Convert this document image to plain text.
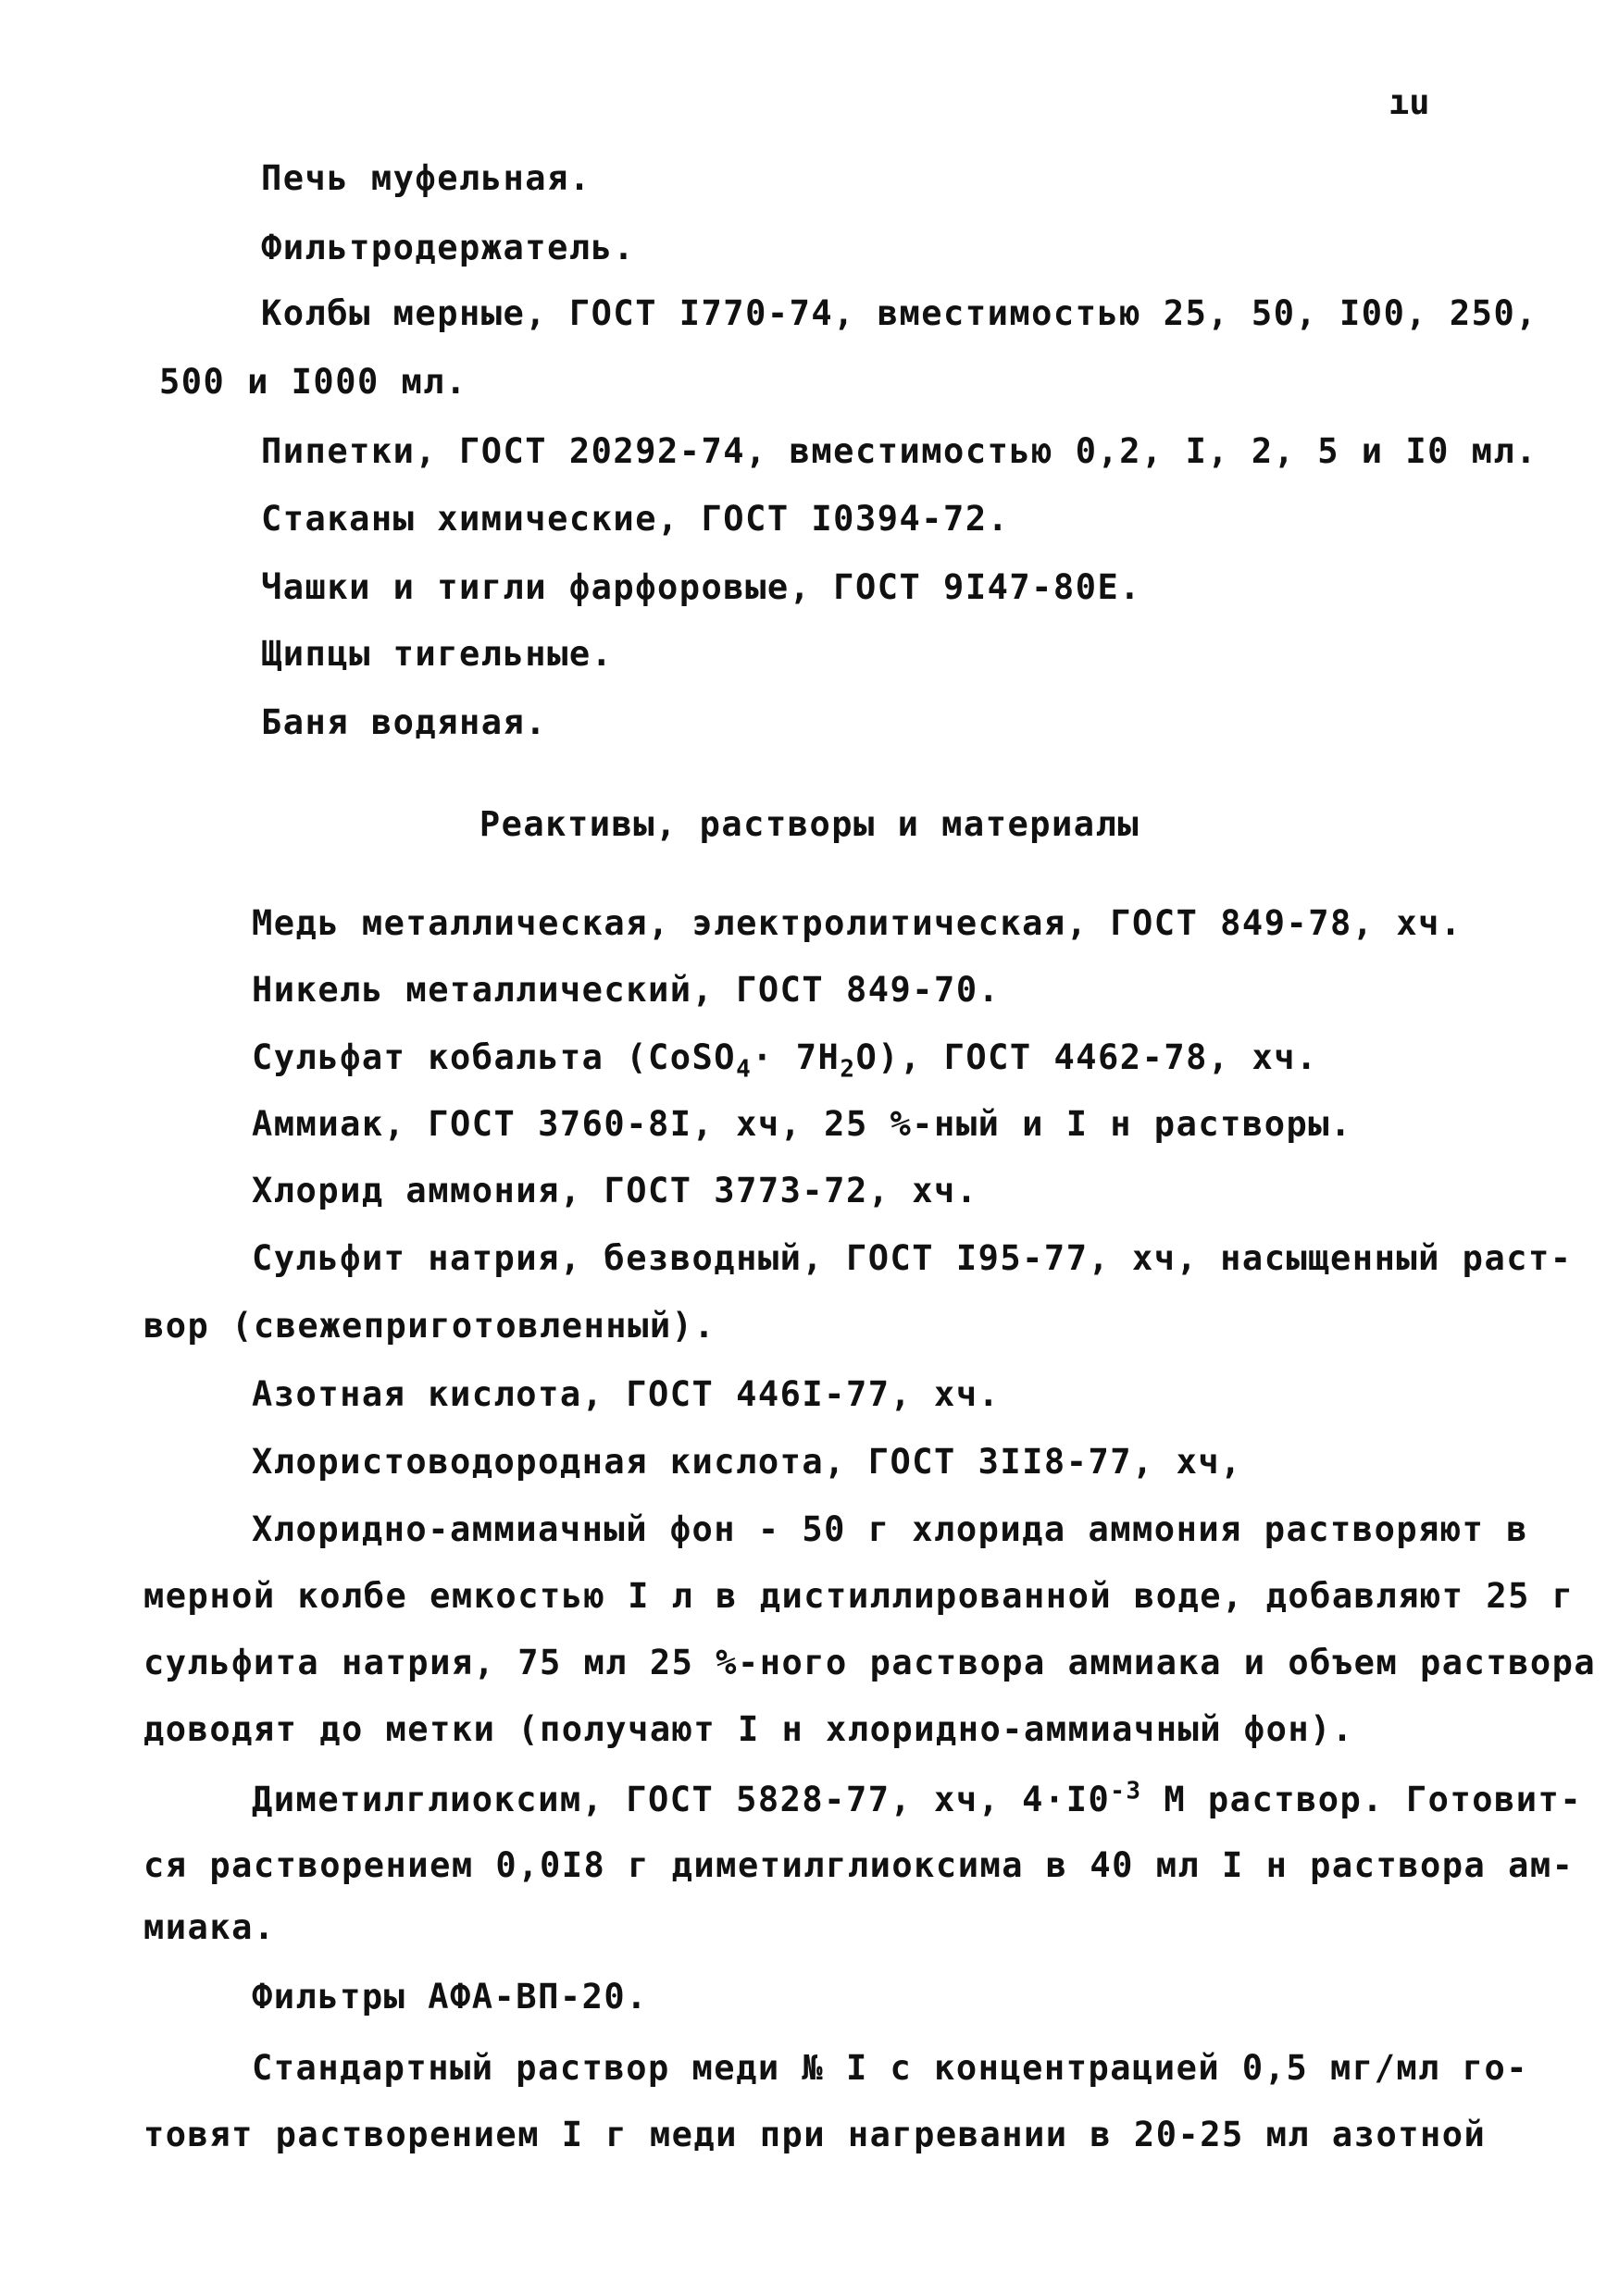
ıu
Печь муфельная.
Фильтродержатель.
Колбы мерные, ГОСТ I770-74, вместимостью 25, 50, I00, 250,
500 и I000 мл.
Пипетки, ГОСТ 20292-74, вместимостью 0,2, I, 2, 5 и I0 мл.
Стаканы химические, ГОСТ I0394-72.
Чашки и тигли фарфоровые, ГОСТ 9I47-80Е.
Щипцы тигельные.
Баня водяная.
Реактивы, растворы и материалы
Медь металлическая, электролитическая, ГОСТ 849-78, хч.
Никель металлический, ГОСТ 849-70.
Сульфат кобальта (CoSO$_4$· $7H_2O$), ГОСТ 4462-78, хч.
Аммиак, ГОСТ 3760-8I, хч, 25 %-ный и I н растворы.
Хлорид аммония, ГОСТ 3773-72, хч.
Сульфит натрия, безводный, ГОСТ I95-77, хч, насыщенный раст-
вор (свежеприготовленный).
Азотная кислота, ГОСТ 446I-77, хч.
Хлористоводородная кислота, ГОСТ 3II8-77, хч,
Хлоридно-аммиачный фон - 50 г хлорида аммония растворяют в
мерной колбе емкостью I л в дистиллированной воде, добавляют 25 г
сульфита натрия, 75 мл 25 %-ного раствора аммиака и объем раствора
доводят до метки (получают I н хлоридно-аммиачный фон).
Диметилглиоксим, ГОСТ 5828-77, хч, $4\cdot I0^{-3}$ М раствор. Готовит-
ся растворением 0,0I8 г диметилглиоксима в 40 мл I н раствора ам-
миака.
Фильтры АФА-ВП-20.
Стандартный раствор меди № I с концентрацией 0,5 мг/мл го-
товят растворением I г меди при нагревании в 20-25 мл азотной
